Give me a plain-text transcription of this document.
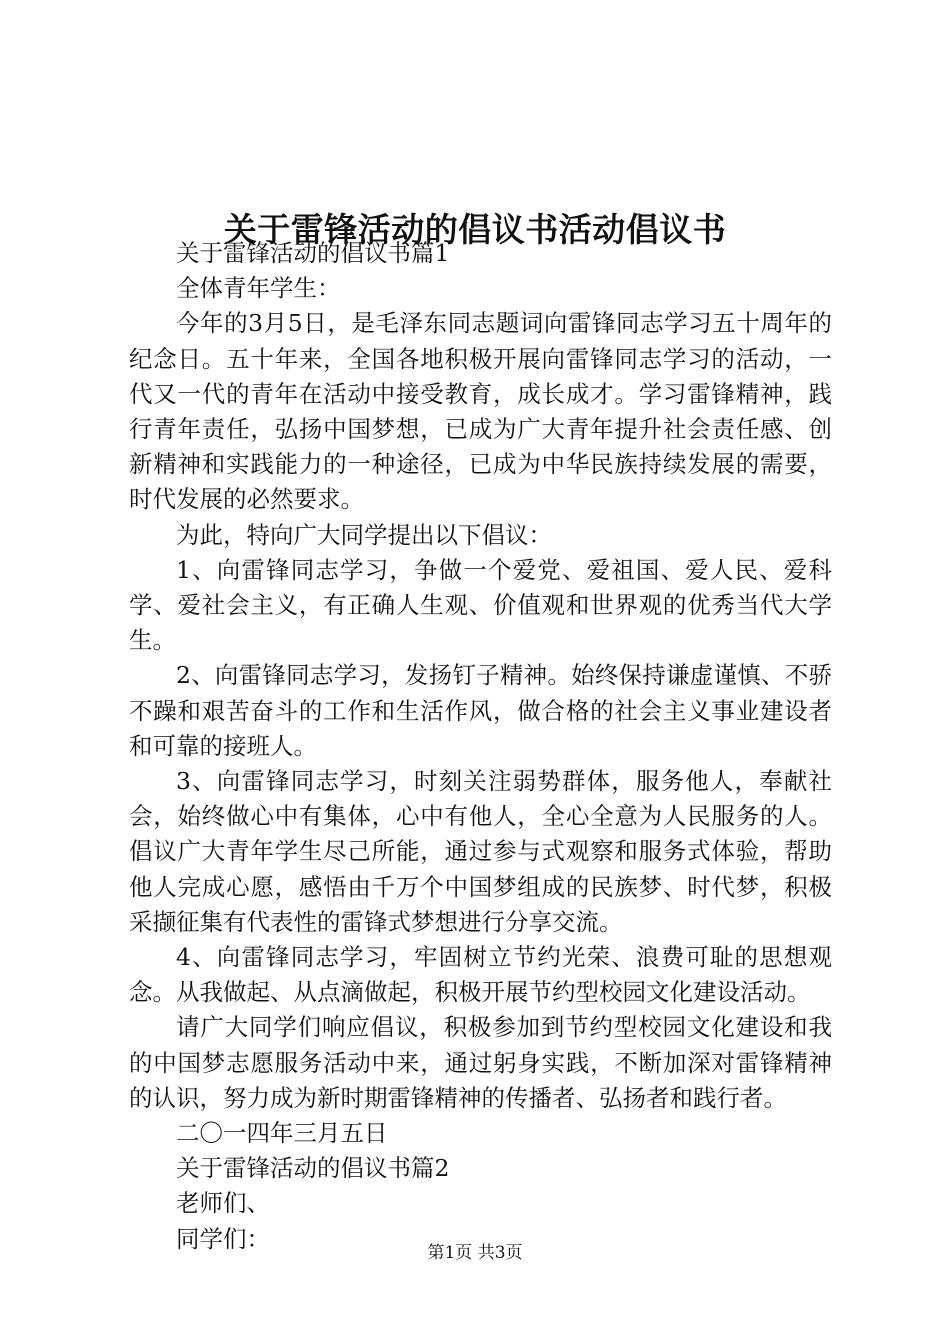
关于雷锋活动的倡议书活动倡议书

关于雷锋活动的倡议书篇1

全体青年学生：

今年的3月5日，是毛泽东同志题词向雷锋同志学习五十周年的纪念日。五十年来，全国各地积极开展向雷锋同志学习的活动，一代又一代的青年在活动中接受教育，成长成才。学习雷锋精神，践行青年责任，弘扬中国梦想，已成为广大青年提升社会责任感、创新精神和实践能力的一种途径，已成为中华民族持续发展的需要，时代发展的必然要求。

为此，特向广大同学提出以下倡议：

1、向雷锋同志学习，争做一个爱党、爱祖国、爱人民、爱科学、爱社会主义，有正确人生观、价值观和世界观的优秀当代大学生。

2、向雷锋同志学习，发扬钉子精神。始终保持谦虚谨慎、不骄不躁和艰苦奋斗的工作和生活作风，做合格的社会主义事业建设者和可靠的接班人。

3、向雷锋同志学习，时刻关注弱势群体，服务他人，奉献社会，始终做心中有集体，心中有他人，全心全意为人民服务的人。倡议广大青年学生尽己所能，通过参与式观察和服务式体验，帮助他人完成心愿，感悟由千万个中国梦组成的民族梦、时代梦，积极采撷征集有代表性的雷锋式梦想进行分享交流。

4、向雷锋同志学习，牢固树立节约光荣、浪费可耻的思想观念。从我做起、从点滴做起，积极开展节约型校园文化建设活动。

请广大同学们响应倡议，积极参加到节约型校园文化建设和我的中国梦志愿服务活动中来，通过躬身实践，不断加深对雷锋精神的认识，努力成为新时期雷锋精神的传播者、弘扬者和践行者。

二〇一四年三月五日

关于雷锋活动的倡议书篇2

老师们、

同学们：

第1页 共3页
